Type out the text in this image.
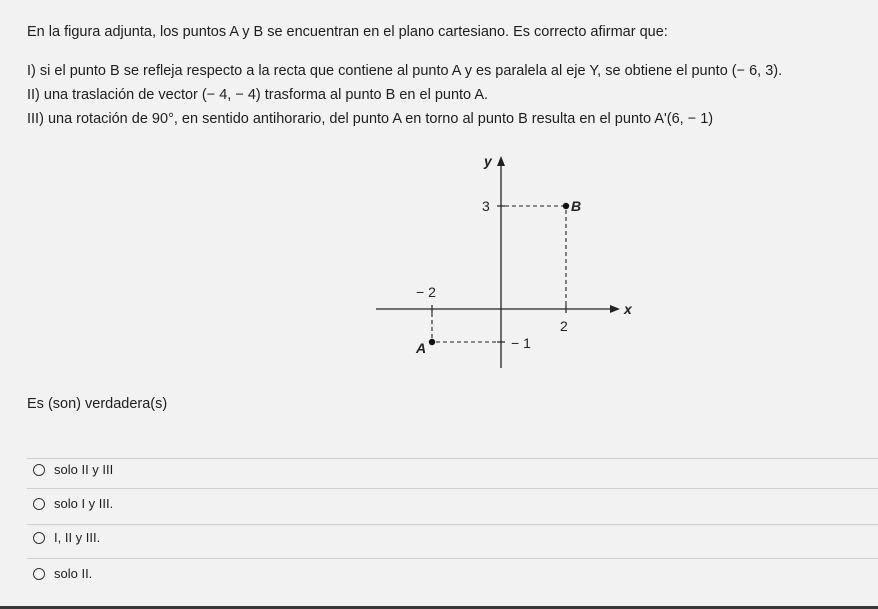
En la figura adjunta, los puntos A y B se encuentran en el plano cartesiano. Es correcto afirmar que:
I) si el punto B se refleja respecto a la recta que contiene al punto A y es paralela al eje Y, se obtiene el punto (− 6, 3).
II) una traslación de vector (− 4, − 4) trasforma al punto B en el punto A.
III) una rotación de 90°, en sentido antihorario, del punto A en torno al punto B resulta en el punto A'(6, − 1)
y
x
3
− 2
2
− 1
B
A
Es (son) verdadera(s)
solo II y III
solo I y III.
I, II y III.
solo II.
